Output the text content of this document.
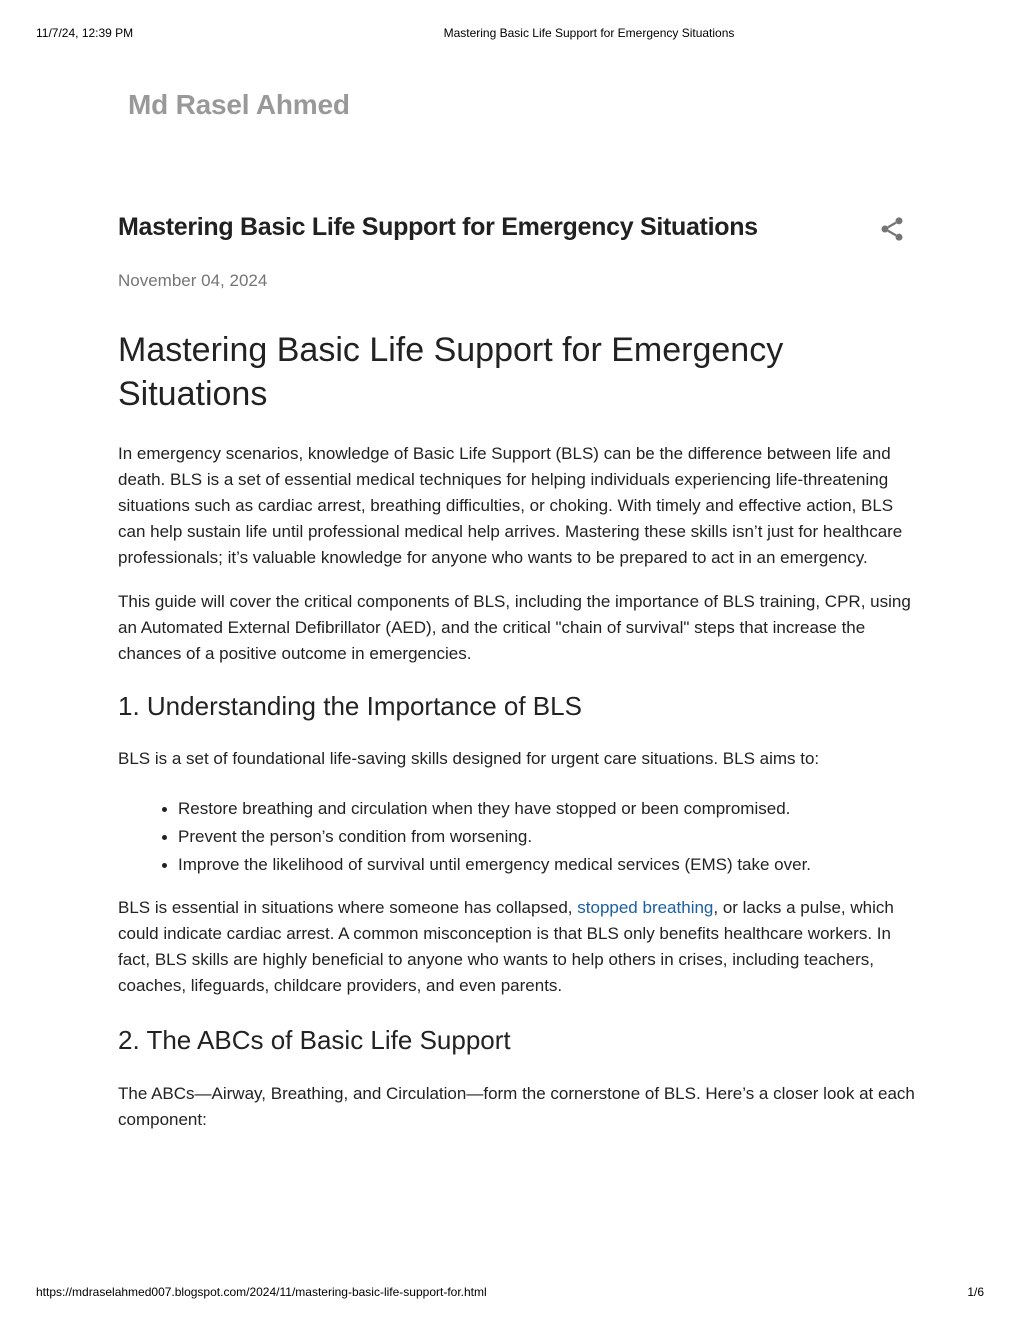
11/7/24, 12:39 PM	Mastering Basic Life Support for Emergency Situations
Md Rasel Ahmed
Mastering Basic Life Support for Emergency Situations
November 04, 2024
Mastering Basic Life Support for Emergency Situations

In emergency scenarios, knowledge of Basic Life Support (BLS) can be the difference between life and death. BLS is a set of essential medical techniques for helping individuals experiencing life-threatening situations such as cardiac arrest, breathing difficulties, or choking. With timely and effective action, BLS can help sustain life until professional medical help arrives. Mastering these skills isn’t just for healthcare professionals; it’s valuable knowledge for anyone who wants to be prepared to act in an emergency.

This guide will cover the critical components of BLS, including the importance of BLS training, CPR, using an Automated External Defibrillator (AED), and the critical "chain of survival" steps that increase the chances of a positive outcome in emergencies.

1. Understanding the Importance of BLS

BLS is a set of foundational life-saving skills designed for urgent care situations. BLS aims to:

Restore breathing and circulation when they have stopped or been compromised.
Prevent the person’s condition from worsening.
Improve the likelihood of survival until emergency medical services (EMS) take over.

BLS is essential in situations where someone has collapsed, stopped breathing, or lacks a pulse, which could indicate cardiac arrest. A common misconception is that BLS only benefits healthcare workers. In fact, BLS skills are highly beneficial to anyone who wants to help others in crises, including teachers, coaches, lifeguards, childcare providers, and even parents.

2. The ABCs of Basic Life Support

The ABCs—Airway, Breathing, and Circulation—form the cornerstone of BLS. Here’s a closer look at each component:

https://mdraselahmed007.blogspot.com/2024/11/mastering-basic-life-support-for.html	1/6
